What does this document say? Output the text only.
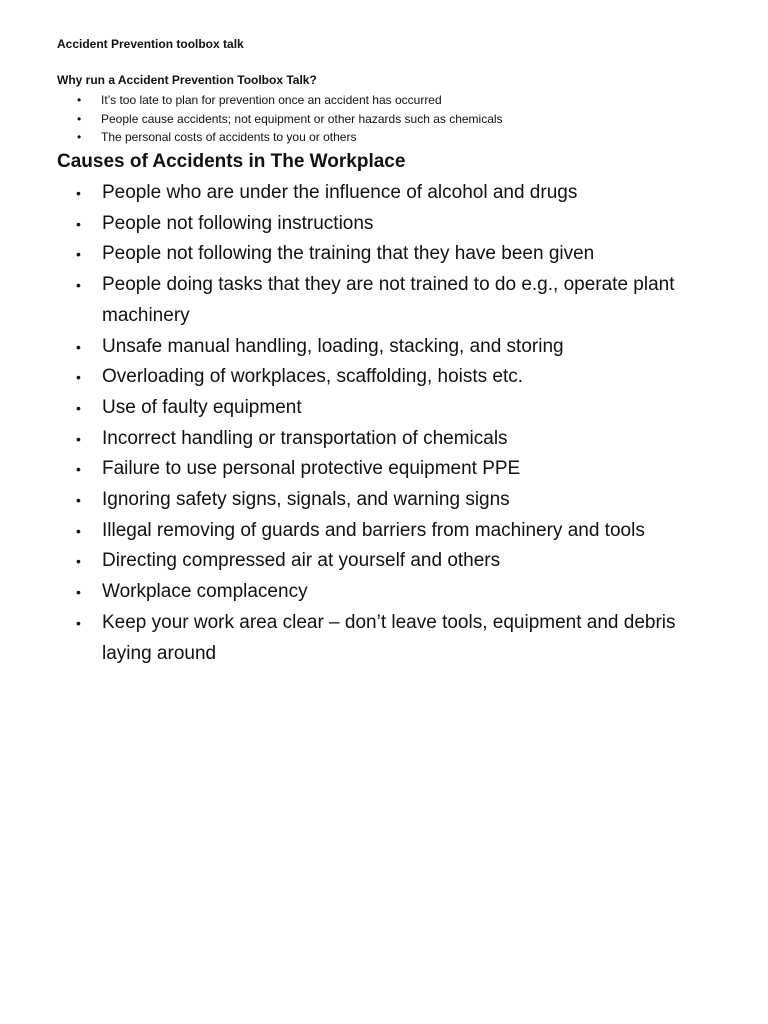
Accident Prevention toolbox talk
Why run a Accident Prevention Toolbox Talk?
• It’s too late to plan for prevention once an accident has occurred
• People cause accidents; not equipment or other hazards such as chemicals
• The personal costs of accidents to you or others
Causes of Accidents in The Workplace
• People who are under the influence of alcohol and drugs
• People not following instructions
• People not following the training that they have been given
• People doing tasks that they are not trained to do e.g., operate plant machinery
• Unsafe manual handling, loading, stacking, and storing
• Overloading of workplaces, scaffolding, hoists etc.
• Use of faulty equipment
• Incorrect handling or transportation of chemicals
• Failure to use personal protective equipment PPE
• Ignoring safety signs, signals, and warning signs
• Illegal removing of guards and barriers from machinery and tools
• Directing compressed air at yourself and others
• Workplace complacency
• Keep your work area clear – don’t leave tools, equipment and debris laying around
